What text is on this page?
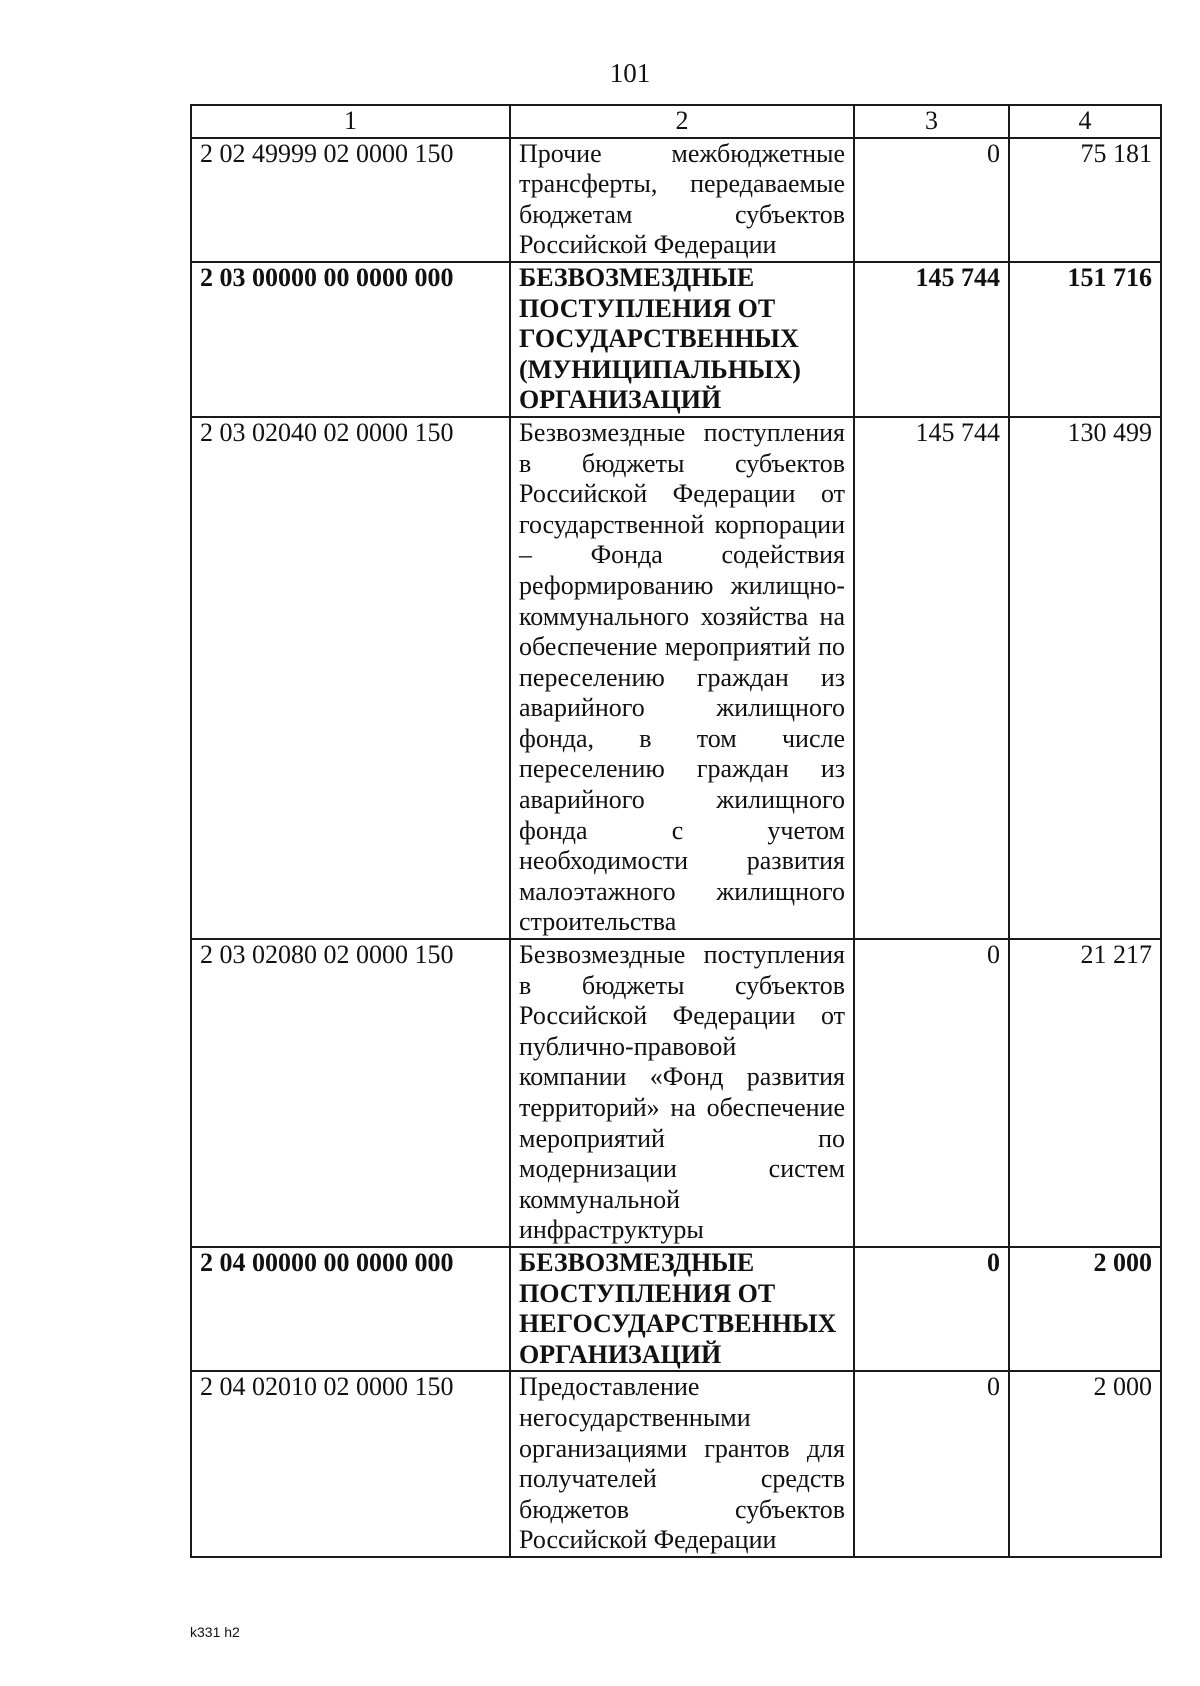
101
1	2	3	4
2 02 49999 02 0000 150	Прочие межбюджетные трансферты, передаваемые бюджетам субъектов Российской Федерации	0	75 181
2 03 00000 00 0000 000	БЕЗВОЗМЕЗДНЫЕ ПОСТУПЛЕНИЯ ОТ ГОСУДАРСТВЕННЫХ (МУНИЦИПАЛЬНЫХ) ОРГАНИЗАЦИЙ	145 744	151 716
2 03 02040 02 0000 150	Безвозмездные поступления в бюджеты субъектов Российской Федерации от государственной корпорации – Фонда содействия реформированию жилищно-коммунального хозяйства на обеспечение мероприятий по переселению граждан из аварийного жилищного фонда, в том числе переселению граждан из аварийного жилищного фонда с учетом необходимости развития малоэтажного жилищного строительства	145 744	130 499
2 03 02080 02 0000 150	Безвозмездные поступления в бюджеты субъектов Российской Федерации от публично-правовой компании «Фонд развития территорий» на обеспечение мероприятий по модернизации систем коммунальной инфраструктуры	0	21 217
2 04 00000 00 0000 000	БЕЗВОЗМЕЗДНЫЕ ПОСТУПЛЕНИЯ ОТ НЕГОСУДАРСТВЕННЫХ ОРГАНИЗАЦИЙ	0	2 000
2 04 02010 02 0000 150	Предоставление негосударственными организациями грантов для получателей средств бюджетов субъектов Российской Федерации	0	2 000
k331 h2
